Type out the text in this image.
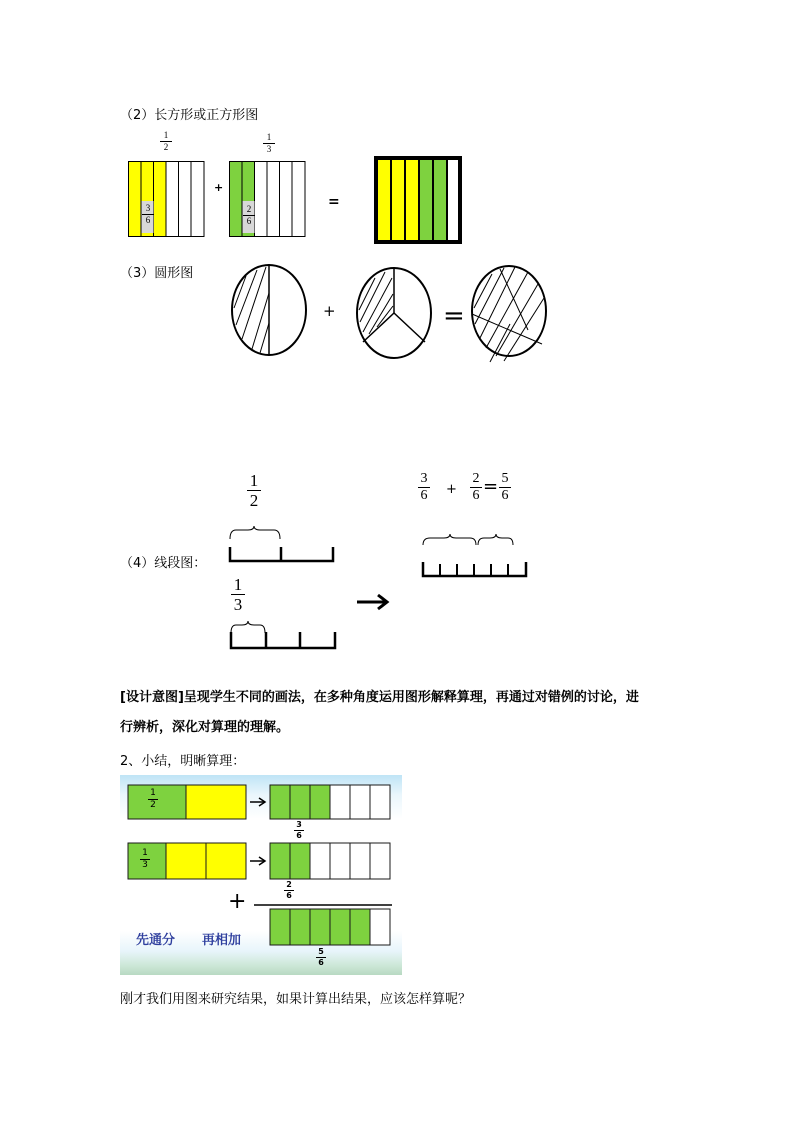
（2）长方形或正方形图
1
2
3
6
+
1
3
2
6
=
（3）圆形图
+	=
1
2
（4）线段图：
1
3
3
6 +
2
6 = 5
6
[设计意图]呈现学生不同的画法，在多种角度运用图形解释算理，再通过对错例的讨论，进
行辨析，深化对算理的理解。
2、小结，明晰算理：
1
2
3
6
1
3
2
6
+
先通分 再相加
5
6
刚才我们用图来研究结果，如果计算出结果，应该怎样算呢？
